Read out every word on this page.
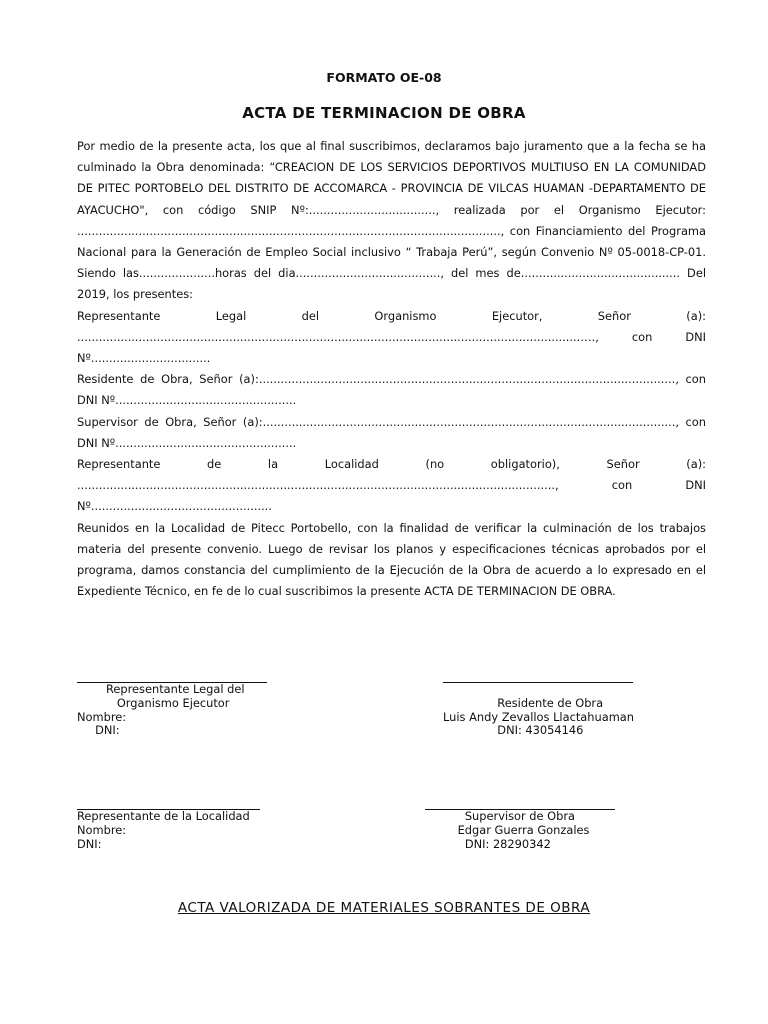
FORMATO OE-08
ACTA DE TERMINACION DE OBRA

Por medio de la presente acta, los que al final suscribimos, declaramos bajo juramento que a la fecha se ha culminado la Obra denominada: “CREACION DE LOS SERVICIOS DEPORTIVOS MULTIUSO EN LA COMUNIDAD DE PITEC PORTOBELO DEL DISTRITO DE ACCOMARCA - PROVINCIA DE VILCAS HUAMAN -DEPARTAMENTO DE AYACUCHO", con código SNIP Nº:..................................., realizada por el Organismo Ejecutor: ....................................................................................................................., con Financiamiento del Programa Nacional para la Generación de Empleo Social inclusivo “ Trabaja Perú”, según Convenio Nº 05-0018-CP-01. Siendo las.....................horas del dia........................................, del mes de............................................ Del 2019, los presentes:

Representante Legal del Organismo Ejecutor, Señor (a): ...........................................................................................................................................…., con DNI Nº.................................

Residente de Obra, Señor (a):..................................................................................................................., con DNI Nº..................................................

Supervisor de Obra, Señor (a):.................................................................................................................., con DNI Nº..................................................

Representante de la Localidad (no obligatorio), Señor (a): ...................................................................................................................................., con DNI Nº..................................................

Reunidos en la Localidad de Pitecc Portobello, con la finalidad de verificar la culminación de los trabajos materia del presente convenio. Luego de revisar los planos y especificaciones técnicas aprobados por el programa, damos constancia del cumplimiento de la Ejecución de la Obra de acuerdo a lo expresado en el Expediente Técnico, en fe de lo cual suscribimos la presente ACTA DE TERMINACION DE OBRA.

Representante Legal del
Organismo Ejecutor
Nombre:
DNI:
Residente de Obra
Luis Andy Zevallos Llactahuaman
DNI: 43054146
Representante de la Localidad
Nombre:
DNI:
Supervisor de Obra
Edgar Guerra Gonzales
DNI: 28290342
ACTA VALORIZADA DE MATERIALES SOBRANTES DE OBRA
